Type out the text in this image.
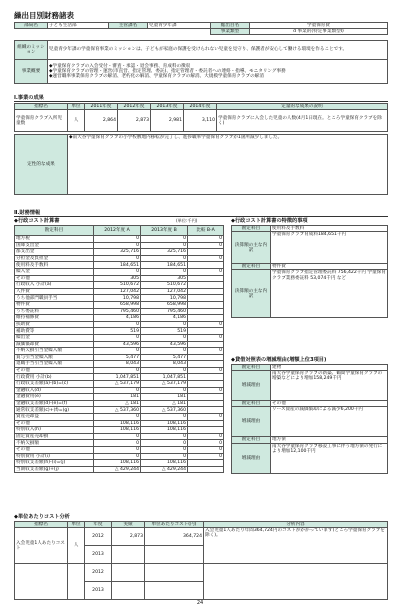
繰出目別財務諸表
部局名	子ども生活部	主管課名	児童青少年課	総出目名	学童保育費
				事業類型	d 事業的(特定事業類型Ⅰ)
組織のミッション	児童青少年課の学童保育事業のミッションは、子どもが家庭の保護を受けられない児童を見守り、保護者が安心して働ける環境を作ることです。
事業概要	◆学童保育クラブの入会受付・審査・承認・退会事務、育成料の徴収
◆学童保育クラブの管理・運営(市直営、指定管理、委託)、指定管理者・委託者への連絡・指導、モニタリング事務
◆運営職率事業保育クラブの解消、老朽化の解消、学童保育クラブの解消、大規模学童保育クラブの解消
Ⅰ.事業の成果
指標名	単位	2011年度	2012年度	2013年度	2014年度	定量的な成果の説明
学童保育クラブ入所児童数	人	2,864	2,873	2,981	3,110	学童保育クラブに入会した児童の人数(4月1日現在。ところ学童保育クラブを除く)
定性的な成果	◆南大谷学童保育クラブの小学校敷地内移転が完了し、進捗職率学童保育クラブが1箇所減少しました。
Ⅱ.財務情報
◆行政コスト計算書	(単位:千円)
勘定科目	2012年度 A	2013年度 B	比較 B-A
地方税	0	0	0
国庫支出金	0	0	0
都支出金	325,716	325,716	
分担金及負担金	0	0	0
使用料及手数料	184,651	184,651	
繰入金	0	0	0
その他	305	305	
行政収入 小計(a)	510,672	510,672	
人件費	127,042	127,042	
うち他部門職員手当	10,798	10,798	
物件費	658,998	658,998	
うち委託料	795,460	795,460	
維持補修費	4,186	4,186	
扶助費	0	0	0
補助費等	519	519	
繰出金	0	0	0
減価償却費	43,596	43,596	
不納欠損引当金繰入額	0	0	0
賞与引当金繰入額	5,477	5,477	
退職手当引当金繰入額	8,043	8,043	
その他	0	0	0
行政費用 小計(b)	1,047,851	1,047,851	
行政収支差額(a)-(b)=(c)	△ 537,179	△ 537,179	
金融収入(d)	0	0	0
金融費用(e)	181	181	
金融収支差額(d)-(e)=(f)	△ 181	△ 181	
通常収支差額(c)+(f)=(g)	△ 537,360	△ 537,360	
資産売却益	0	0	0
その他	108,116	108,116	
特別収入(h)	108,116	108,116	
固定資産売却損	0	0	0
不納欠損額	0	0	0
その他	0	0	0
特別費用 小計(i)	0	0	0
特別収支差額(h)-(i)=(j)	108,116	108,116	
当期収支差額(g)+(j)	△ 429,244	△ 429,244	
◆行政コスト計算書の特徴的事項
勘定科目	使用料及手数料
決算額の主な内訳	学童保育クラブ育成料184,651千円
勘定科目	物件費
決算額の主な内訳	学童保育クラブ指定管理委託料 756,422千円 学童保育クラブ業務委託料 53,074千円 など
◆貸借対照表の増減理由(増額上位3項目)
勘定科目	建物
増減理由	南大谷学童保育クラブの新築、鶴間学童保育クラブの増築などにより増加158,249千円
勘定科目	その他
増減理由	リース資産の減価償却による減少6,200千円
勘定科目	地方債
増減理由	南大谷学童保育クラブ移設工事に伴う地方債の発行により増加12,100千円
◆単位あたりコスト分析
指標名	単位	年度	実績	単位あたりコスト(円)	分析内容
入会児童1人あたりコスト	人	2012	2,873	364,724	入会児童1人あたり年間364,724円のコストがかかっています(ところ学童保育クラブを除く)。
		2013			
		2012			
		2013			
24
